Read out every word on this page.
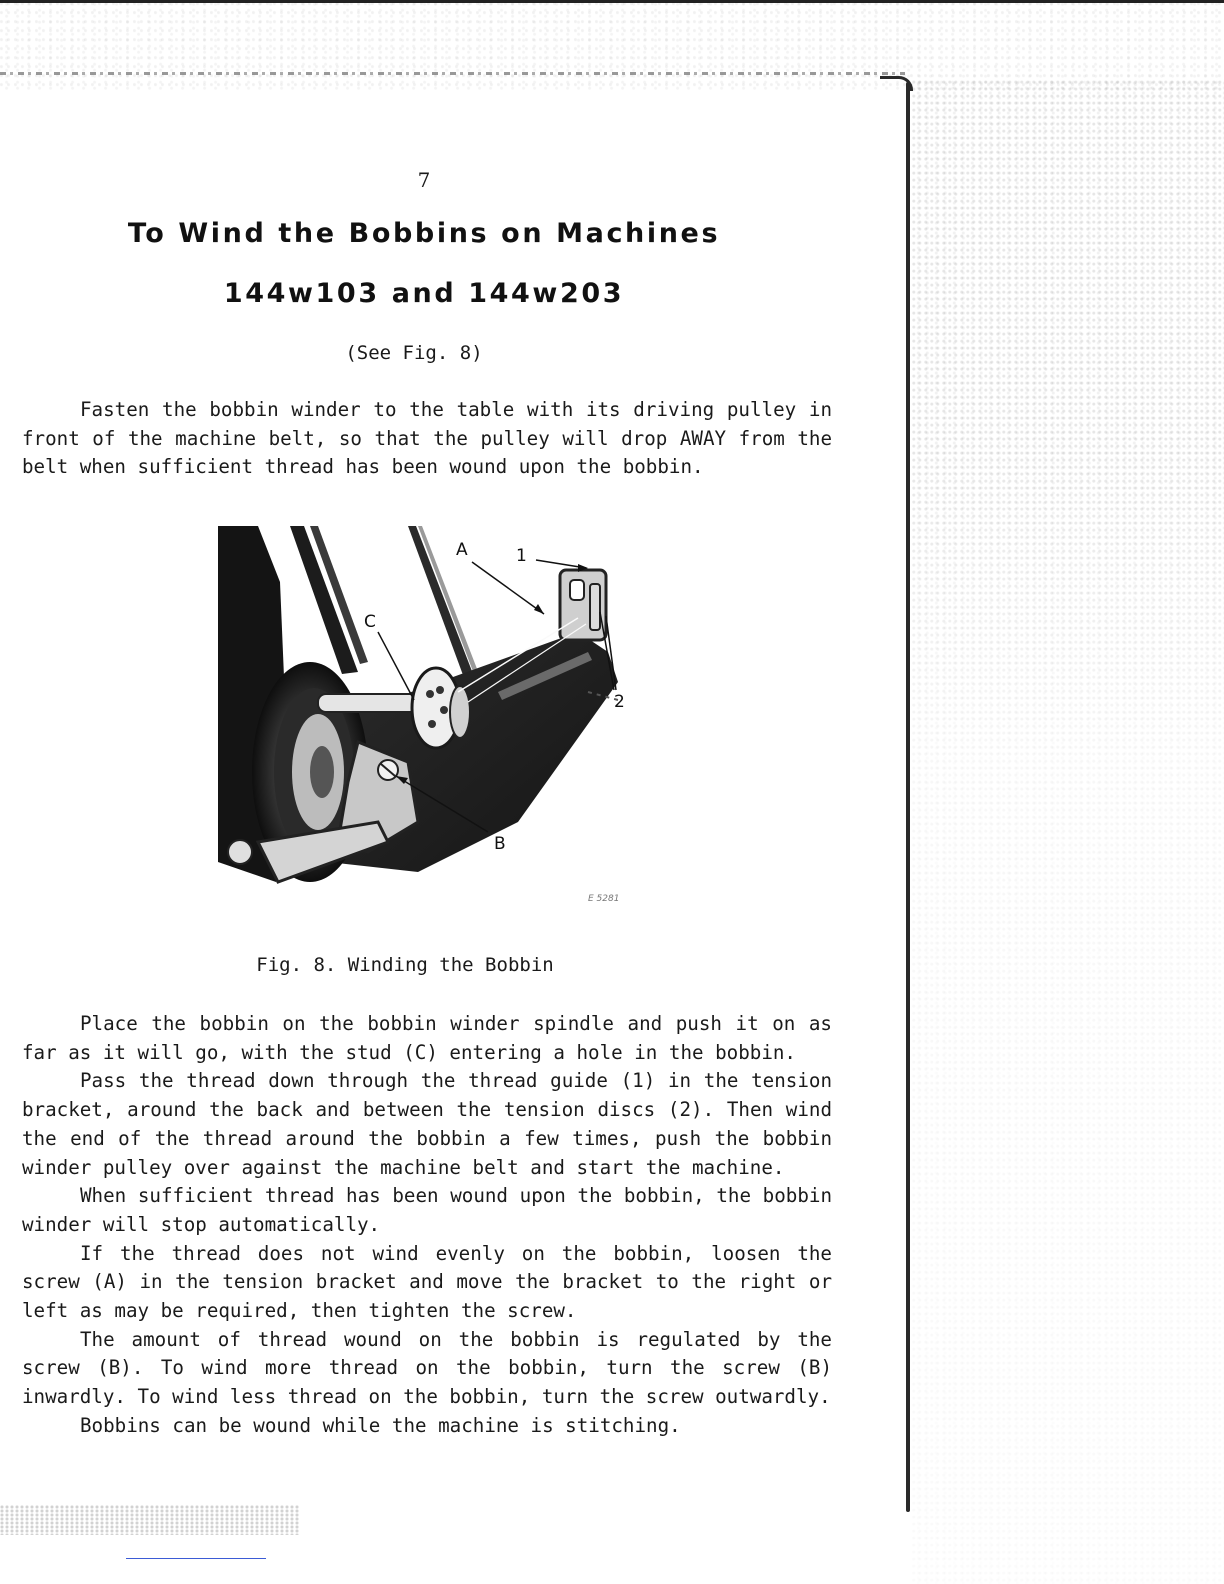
7
To Wind the Bobbins on Machines
144w103 and 144w203
(See Fig. 8)

Fasten the bobbin winder to the table with its driving pulley in front of the machine belt, so that the pulley will drop AWAY from the belt when sufficient thread has been wound upon the bobbin.

A	1
C
2
B
E 5281
Fig. 8. Winding the Bobbin
Place the bobbin on the bobbin winder spindle and push it on as far as it will go, with the stud (C) entering a hole in the bobbin.
Pass the thread down through the thread guide (1) in the tension bracket, around the back and between the tension discs (2). Then wind the end of the thread around the bobbin a few times, push the bobbin winder pulley over against the machine belt and start the machine.
When sufficient thread has been wound upon the bobbin, the bobbin winder will stop automatically.
If the thread does not wind evenly on the bobbin, loosen the screw (A) in the tension bracket and move the bracket to the right or left as may be required, then tighten the screw.
The amount of thread wound on the bobbin is regulated by the screw (B). To wind more thread on the bobbin, turn the screw (B) inwardly. To wind less thread on the bobbin, turn the screw outwardly.
Bobbins can be wound while the machine is stitching.
